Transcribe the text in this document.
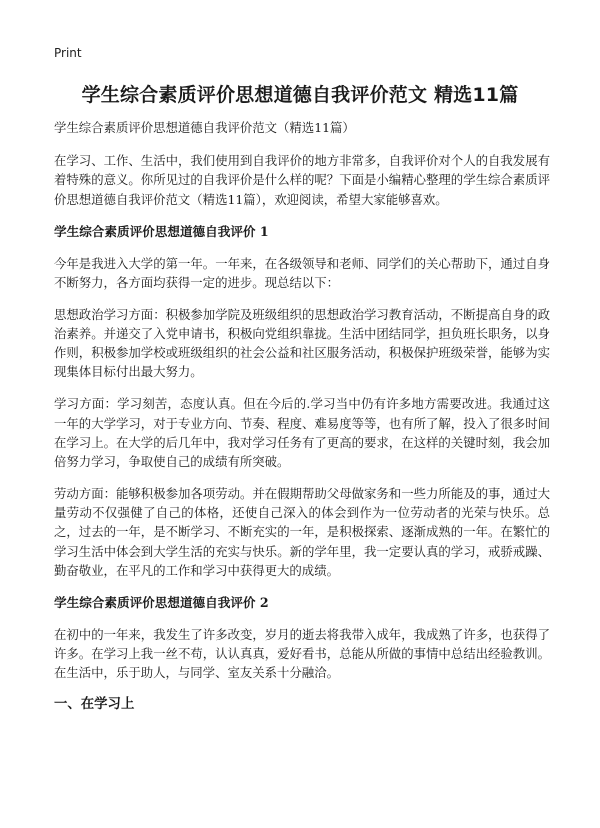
Print
学生综合素质评价思想道德自我评价范文 精选11篇

学生综合素质评价思想道德自我评价范文（精选11篇）

在学习、工作、生活中，我们使用到自我评价的地方非常多，自我评价对个人的自我发展有着特殊的意义。你所见过的自我评价是什么样的呢？下面是小编精心整理的学生综合素质评价思想道德自我评价范文（精选11篇），欢迎阅读，希望大家能够喜欢。

学生综合素质评价思想道德自我评价 1

今年是我进入大学的第一年。一年来，在各级领导和老师、同学们的关心帮助下，通过自身不断努力，各方面均获得一定的进步。现总结以下：

思想政治学习方面：积极参加学院及班级组织的思想政治学习教育活动，不断提高自身的政治素养。并递交了入党申请书，积极向党组织靠拢。生活中团结同学，担负班长职务，以身作则，积极参加学校或班级组织的社会公益和社区服务活动，积极保护班级荣誉，能够为实现集体目标付出最大努力。

学习方面：学习刻苦，态度认真。但在今后的.学习当中仍有许多地方需要改进。我通过这一年的大学学习，对于专业方向、节奏、程度、难易度等等，也有所了解，投入了很多时间在学习上。在大学的后几年中，我对学习任务有了更高的要求，在这样的关键时刻，我会加倍努力学习，争取使自己的成绩有所突破。

劳动方面：能够积极参加各项劳动。并在假期帮助父母做家务和一些力所能及的事，通过大量劳动不仅强健了自己的体格，还使自己深入的体会到作为一位劳动者的光荣与快乐。总之，过去的一年，是不断学习、不断充实的一年，是积极探索、逐渐成熟的一年。在繁忙的学习生活中体会到大学生活的充实与快乐。新的学年里，我一定要认真的学习，戒骄戒躁、勤奋敬业，在平凡的工作和学习中获得更大的成绩。

学生综合素质评价思想道德自我评价 2

在初中的一年来，我发生了许多改变，岁月的逝去将我带入成年，我成熟了许多，也获得了许多。在学习上我一丝不苟，认认真真，爱好看书，总能从所做的事情中总结出经验教训。在生活中，乐于助人，与同学、室友关系十分融洽。

一、在学习上
